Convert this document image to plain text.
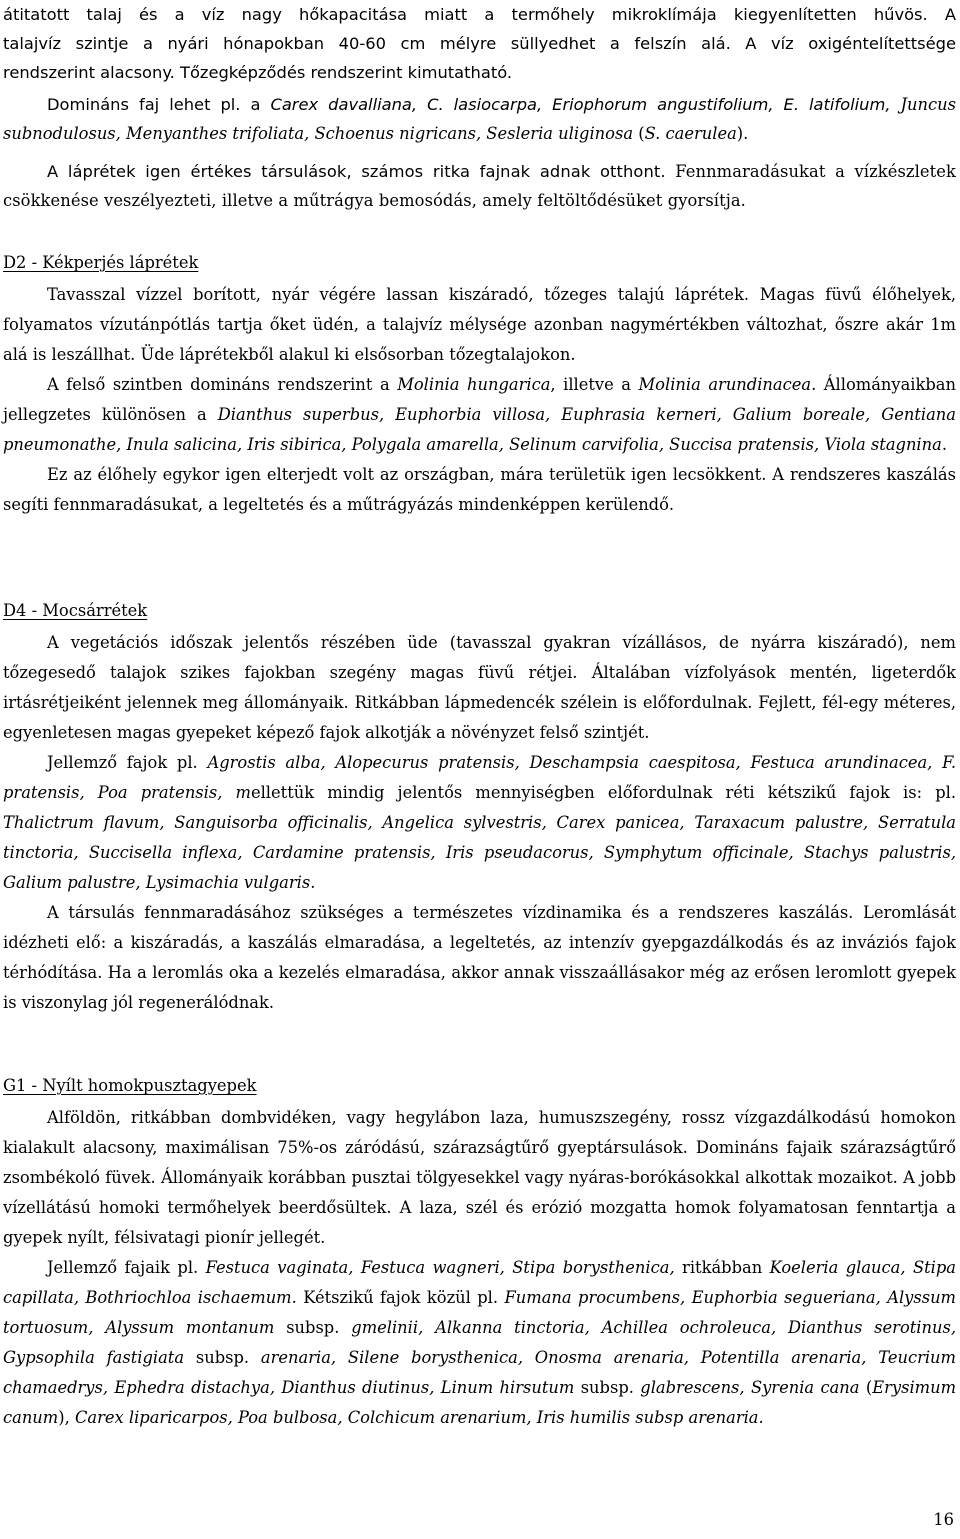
átitatott talaj és a víz nagy hőkapacitása miatt a termőhely mikroklímája kiegyenlítetten hűvös. A

talajvíz szintje a nyári hónapokban 40-60 cm mélyre süllyedhet a felszín alá. A víz oxigéntelítettsége

rendszerint alacsony. Tőzegképződés rendszerint kimutatható.

Domináns faj lehet pl. a Carex davalliana, C. lasiocarpa, Eriophorum angustifolium, E. latifolium, Juncus subnodulosus, Menyanthes trifoliata, Schoenus nigricans, Sesleria uliginosa (S. caerulea).

A láprétek igen értékes társulások, számos ritka fajnak adnak otthont. Fennmaradásukat a vízkészletek csökkenése veszélyezteti, illetve a műtrágya bemosódás, amely feltöltődésüket gyorsítja.

D2 - Kékperjés láprétek

Tavasszal vízzel borított, nyár végére lassan kiszáradó, tőzeges talajú láprétek. Magas füvű élőhelyek, folyamatos vízutánpótlás tartja őket üdén, a talajvíz mélysége azonban nagymértékben változhat, őszre akár 1m alá is leszállhat. Üde láprétekből alakul ki elsősorban tőzegtalajokon.

A felső szintben domináns rendszerint a Molinia hungarica, illetve a Molinia arundinacea. Állományaikban jellegzetes különösen a Dianthus superbus, Euphorbia villosa, Euphrasia kerneri, Galium boreale, Gentiana pneumonathe, Inula salicina, Iris sibirica, Polygala amarella, Selinum carvifolia, Succisa pratensis, Viola stagnina.

Ez az élőhely egykor igen elterjedt volt az országban, mára területük igen lecsökkent. A rendszeres kaszálás segíti fennmaradásukat, a legeltetés és a műtrágyázás mindenképpen kerülendő.

D4 - Mocsárrétek

A vegetációs időszak jelentős részében üde (tavasszal gyakran vízállásos, de nyárra kiszáradó), nem tőzegesedő talajok szikes fajokban szegény magas füvű rétjei. Általában vízfolyások mentén, ligeterdők irtásrétjeiként jelennek meg állományaik. Ritkábban lápmedencék szélein is előfordulnak. Fejlett, fél-egy méteres, egyenletesen magas gyepeket képező fajok alkotják a növényzet felső szintjét.

Jellemző fajok pl. Agrostis alba, Alopecurus pratensis, Deschampsia caespitosa, Festuca arundinacea, F. pratensis, Poa pratensis, mellettük mindig jelentős mennyiségben előfordulnak réti kétszikű fajok is: pl. Thalictrum flavum, Sanguisorba officinalis, Angelica sylvestris, Carex panicea, Taraxacum palustre, Serratula tinctoria, Succisella inflexa, Cardamine pratensis, Iris pseudacorus, Symphytum officinale, Stachys palustris, Galium palustre, Lysimachia vulgaris.

A társulás fennmaradásához szükséges a természetes vízdinamika és a rendszeres kaszálás. Leromlását idézheti elő: a kiszáradás, a kaszálás elmaradása, a legeltetés, az intenzív gyepgazdálkodás és az inváziós fajok térhódítása. Ha a leromlás oka a kezelés elmaradása, akkor annak visszaállásakor még az erősen leromlott gyepek is viszonylag jól regenerálódnak.

G1 - Nyílt homokpusztagyepek

Alföldön, ritkábban dombvidéken, vagy hegylábon laza, humuszszegény, rossz vízgazdálkodású homokon kialakult alacsony, maximálisan 75%-os záródású, szárazságtűrő gyeptársulások. Domináns fajaik szárazságtűrő zsombékoló füvek. Állományaik korábban pusztai tölgyesekkel vagy nyáras-borókásokkal alkottak mozaikot. A jobb vízellátású homoki termőhelyek beerdősültek. A laza, szél és erózió mozgatta homok folyamatosan fenntartja a gyepek nyílt, félsivatagi pionír jellegét.

Jellemző fajaik pl. Festuca vaginata, Festuca wagneri, Stipa borysthenica, ritkábban Koeleria glauca, Stipa capillata, Bothriochloa ischaemum. Kétszikű fajok közül pl. Fumana procumbens, Euphorbia segueriana, Alyssum tortuosum, Alyssum montanum subsp. gmelinii, Alkanna tinctoria, Achillea ochroleuca, Dianthus serotinus, Gypsophila fastigiata subsp. arenaria, Silene borysthenica, Onosma arenaria, Potentilla arenaria, Teucrium chamaedrys, Ephedra distachya, Dianthus diutinus, Linum hirsutum subsp. glabrescens, Syrenia cana (Erysimum canum), Carex liparicarpos, Poa bulbosa, Colchicum arenarium, Iris humilis subsp arenaria.

16
